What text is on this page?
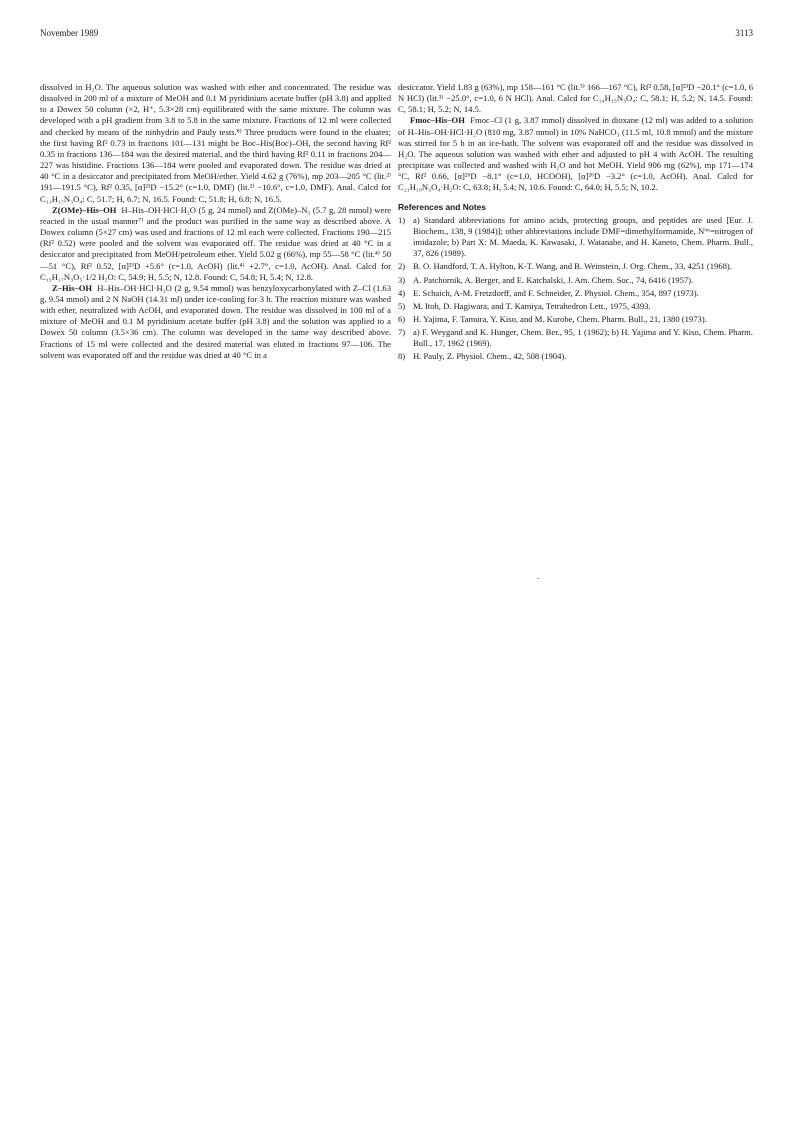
November 1989	3113

dissolved in H₂O. The aqueous solution was washed with ether and concentrated. The residue was dissolved in 200 ml of a mixture of MeOH and 0.1 M pyridinium acetate buffer (pH 3.8) and applied to a Dowex 50 column (×2, H⁺, 5.3×28 cm) equilibrated with the same mixture. The column was developed with a pH gradient from 3.8 to 5.8 in the same mixture. Fractions of 12 ml were collected and checked by means of the ninhydrin and Pauly tests.⁸⁾ Three products were found in the eluates; the first having Rf² 0.73 in fractions 101—131 might be Boc–His(Boc)–OH, the second having Rf² 0.35 in fractions 136—184 was the desired material, and the third having Rf² 0.11 in fractions 204—227 was histidine. Fractions 136—184 were pooled and evaporated down. The residue was dried at 40 °C in a desiccator and precipitated from MeOH/ether. Yield 4.62 g (76%), mp 203—205 °C (lit.²⁾ 191—191.5 °C), Rf² 0.35, [α]²¹D −15.2° (c=1.0, DMF) (lit.²⁾ −10.6°, c=1.0, DMF). Anal. Calcd for C₁₁H₁₇N₃O₄: C, 51.7; H, 6.7; N, 16.5. Found: C, 51.8; H, 6.8; N, 16.5.

Z(OMe)–His–OH H–His–OH·HCl·H₂O (5 g, 24 mmol) and Z(OMe)–N₃ (5.7 g, 28 mmol) were reacted in the usual manner⁷⁾ and the product was purified in the same way as described above. A Dowex column (5×27 cm) was used and fractions of 12 ml each were collected. Fractions 190—215 (Rf² 0.52) were pooled and the solvent was evaporated off. The residue was dried at 40 °C in a desiccator and precipitated from MeOH/petroleum ether. Yield 5.02 g (66%), mp 55—58 °C (lit.⁴⁾ 50—51 °C), Rf² 0.52, [α]²³D +5.6° (c=1.0, AcOH) (lit.⁴⁾ +2.7°, c=1.0, AcOH). Anal. Calcd for C₁₅H₁₇N₃O₅·1/2 H₂O: C, 54.9; H, 5.5; N, 12.8. Found: C, 54.8; H, 5.4; N, 12.8.

Z–His–OH H–His–OH·HCl·H₂O (2 g, 9.54 mmol) was benzyloxycarbonylated with Z–Cl (1.63 g, 9.54 mmol) and 2 N NaOH (14.31 ml) under ice-cooling for 3 h. The reaction mixture was washed with ether, neutralized with AcOH, and evaporated down. The residue was dissolved in 100 ml of a mixture of MeOH and 0.1 M pyridinium acetate buffer (pH 3.8) and the solution was applied to a Dowex 50 column (3.5×36 cm). The column was developed in the same way described above. Fractions of 15 ml were collected and the desired material was eluted in fractions 97—106. The solvent was evaporated off and the residue was dried at 40 °C in a

desiccator. Yield 1.83 g (63%), mp 158—161 °C (lit.³⁾ 166—167 °C), Rf² 0.58, [α]²³D −20.1° (c=1.0, 6 N HCl) (lit.³⁾ −25.0°, c=1.0, 6 N HCl). Anal. Calcd for C₁₄H₁₅N₃O₄: C, 58.1; H, 5.2; N, 14.5. Found: C, 58.1; H, 5.2; N, 14.5.

Fmoc–His–OH Fmoc–Cl (1 g, 3.87 mmol) dissolved in dioxane (12 ml) was added to a solution of H–His–OH·HCl·H₂O (810 mg, 3.87 mmol) in 10% NaHCO₃ (11.5 ml, 10.8 mmol) and the mixture was stirred for 5 h in an ice-bath. The solvent was evaporated off and the residue was dissolved in H₂O. The aqueous solution was washed with ether and adjusted to pH 4 with AcOH. The resulting precipitate was collected and washed with H₂O and hot MeOH. Yield 906 mg (62%), mp 171—174 °C, Rf² 0.66, [α]²⁶D −8.1° (c=1.0, HCOOH), [α]²⁶D −3.2° (c=1.0, AcOH). Anal. Calcd for C₂₁H₁₉N₃O₄·H₂O: C, 63.8; H, 5.4; N, 10.6. Found: C, 64.0; H, 5.5; N, 10.2.

References and Notes
1) a) Standard abbreviations for amino acids, protecting groups, and peptides are used [Eur. J. Biochem., 138, 9 (1984)]; other abbreviations include DMF=dimethylformamide, Nⁱᵐ=nitrogen of imidazole; b) Part X: M. Maeda, K. Kawasaki, J. Watanabe, and H. Kaneto, Chem. Pharm. Bull., 37, 826 (1989).
2) B. O. Handford, T. A. Hylton, K-T. Wang, and B. Weinstein, J. Org. Chem., 33, 4251 (1968).
3) A. Patchornik, A. Berger, and E. Katchalski, J. Am. Chem. Soc., 74, 6416 (1957).
4) E. Schaich, A-M. Fretzdorff, and F. Schneider, Z. Physiol. Chem., 354, 897 (1973).
5) M. Itoh, D. Hagiwara, and T. Kamiya, Tetrahedron Lett., 1975, 4393.
6) H. Yajima, F. Tamura, Y. Kiso, and M. Kurobe, Chem. Pharm. Bull., 21, 1380 (1973).
7) a) F. Weygand and K. Hunger, Chem. Ber., 95, 1 (1962); b) H. Yajima and Y. Kiso, Chem. Pharm. Bull., 17, 1962 (1969).
8) H. Pauly, Z. Physiol. Chem., 42, 508 (1904).
